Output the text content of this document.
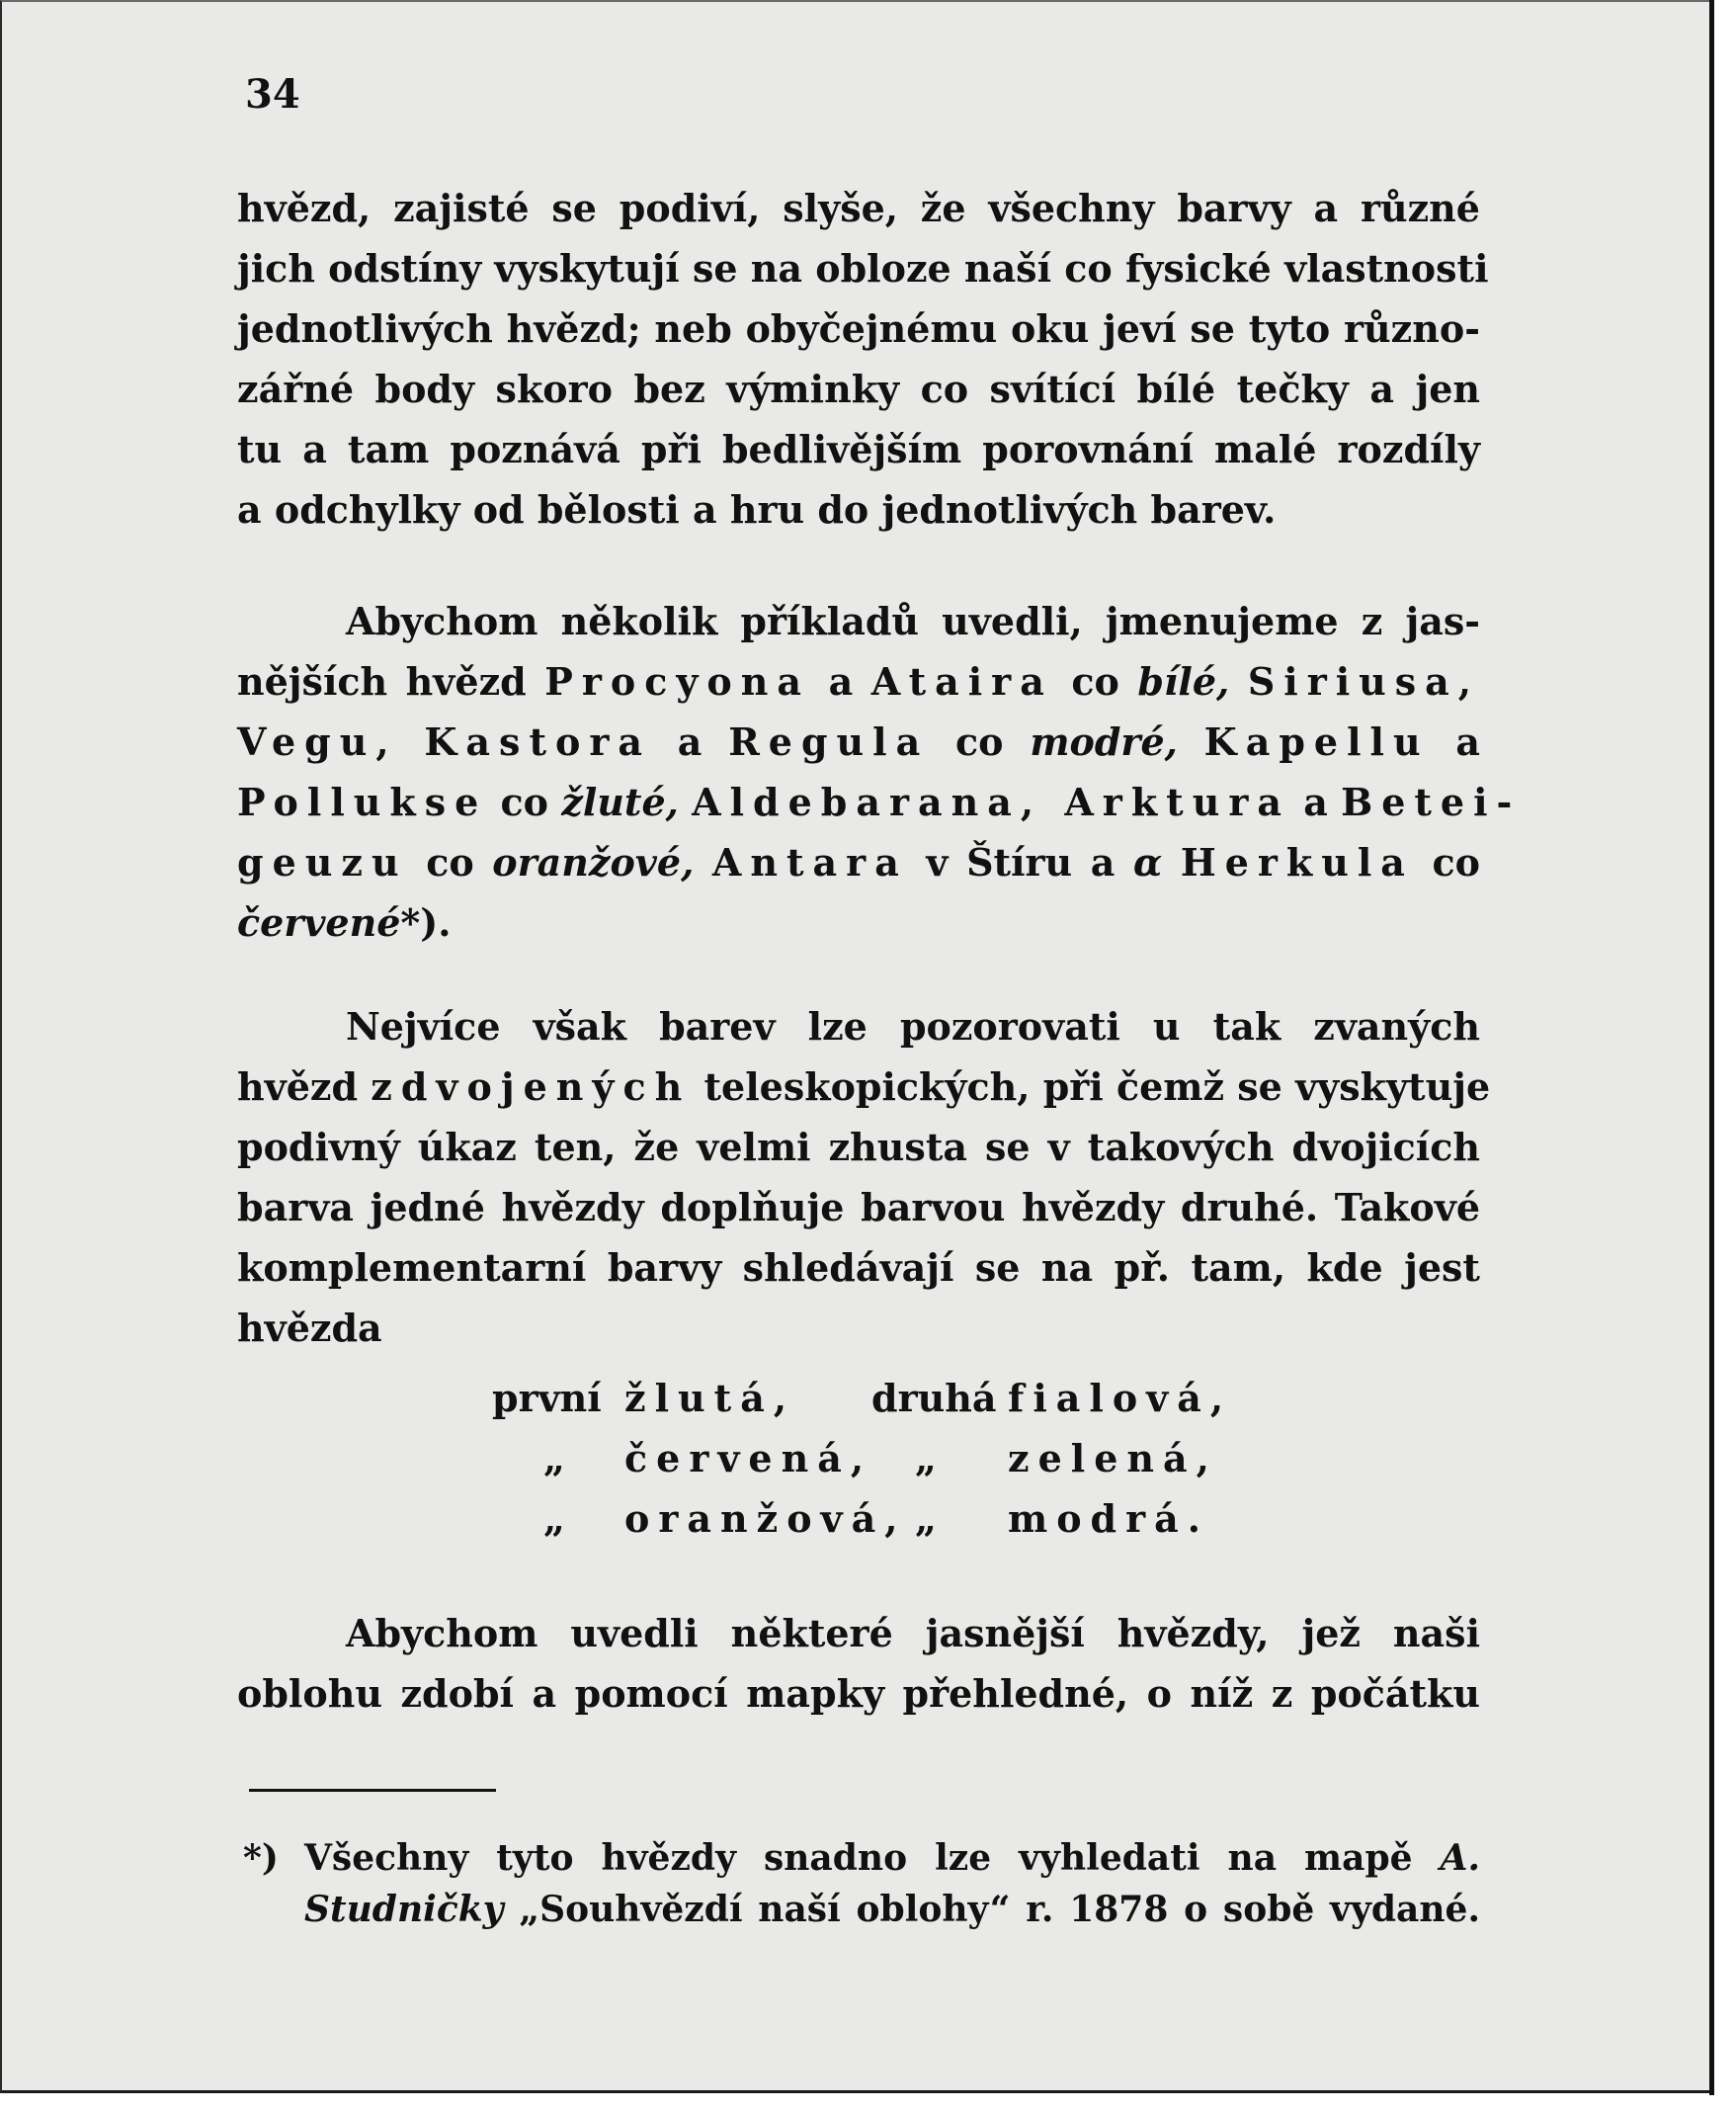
34
hvězd, zajisté se podiví, slyše, že všechny barvy a různé
jich odstíny vyskytují se na obloze naší co fysické vlastnosti
jednotlivých hvězd; neb obyčejnému oku jeví se tyto různo-
zářné body skoro bez výminky co svítící bílé tečky a jen
tu a tam poznává při bedlivějším porovnání malé rozdíly
a odchylky od bělosti a hru do jednotlivých barev.
Abychom několik příkladů uvedli, jmenujeme z jas-
nějších hvězd Procyona a Ataira co bílé, Siriusa,
Vegu, Kastora a Regula co modré, Kapellu a
Pollukse co žluté, Aldebarana, Arktura a Betei-
geuzu co oranžové, Antara v Štíru a α Herkula co
červené*).
Nejvíce však barev lze pozorovati u tak zvaných
hvězd zdvojených teleskopických, při čemž se vyskytuje
podivný úkaz ten, že velmi zhusta se v takových dvojicích
barva jedné hvězdy doplňuje barvou hvězdy druhé. Takové
komplementarní barvy shledávají se na př. tam, kde jest
hvězda
první žlutá, druhá fialová,
„ červená, „ zelená,
„ oranžová, „ modrá.
Abychom uvedli některé jasnější hvězdy, jež naši
oblohu zdobí a pomocí mapky přehledné, o níž z počátku
*) Všechny tyto hvězdy snadno lze vyhledati na mapě A.
Studničky „Souhvězdí naší oblohy“ r. 1878 o sobě vydané.
